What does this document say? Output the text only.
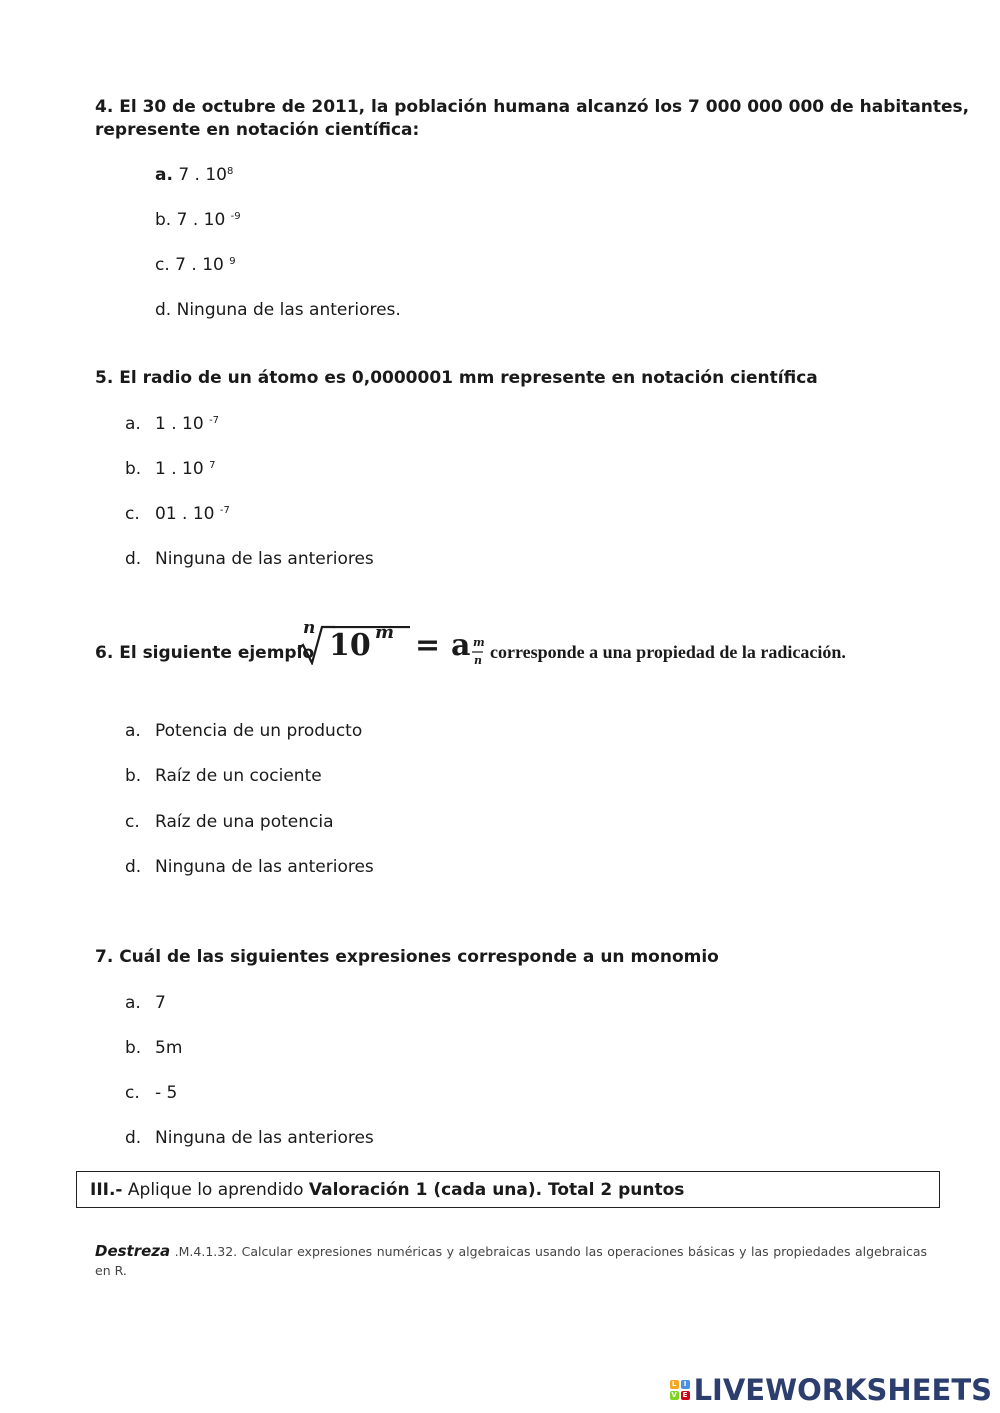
4. El 30 de octubre de 2011, la población humana alcanzó los 7 000 000 000 de habitantes,
represente en notación científica:
a. 7 . $10^8$
b. 7 . 10 $^{-9}$
c. 7 . 10 $^9$
d. Ninguna de las anteriores.
5. El radio de un átomo es 0,0000001 mm represente en notación científica
a. 1 . 10 $^{-7}$
b. 1 . 10 $^7$
c. 01 . 10 $^{-7}$
d. Ninguna de las anteriores
6. El siguiente ejemplo
n 10 m = a m
n corresponde a una propiedad de la radicación.
a. Potencia de un producto
b. Raíz de un cociente
c. Raíz de una potencia
d. Ninguna de las anteriores
7. Cuál de las siguientes expresiones corresponde a un monomio
a. 7
b. 5m
c. - 5
d. Ninguna de las anteriores
III.- Aplique lo aprendido Valoración 1 (cada una). Total 2 puntos
Destreza .M.4.1.32. Calcular expresiones numéricas y algebraicas usando las operaciones básicas y las propiedades algebraicas en R.
L	I
V E LIVEWORKSHEETS
